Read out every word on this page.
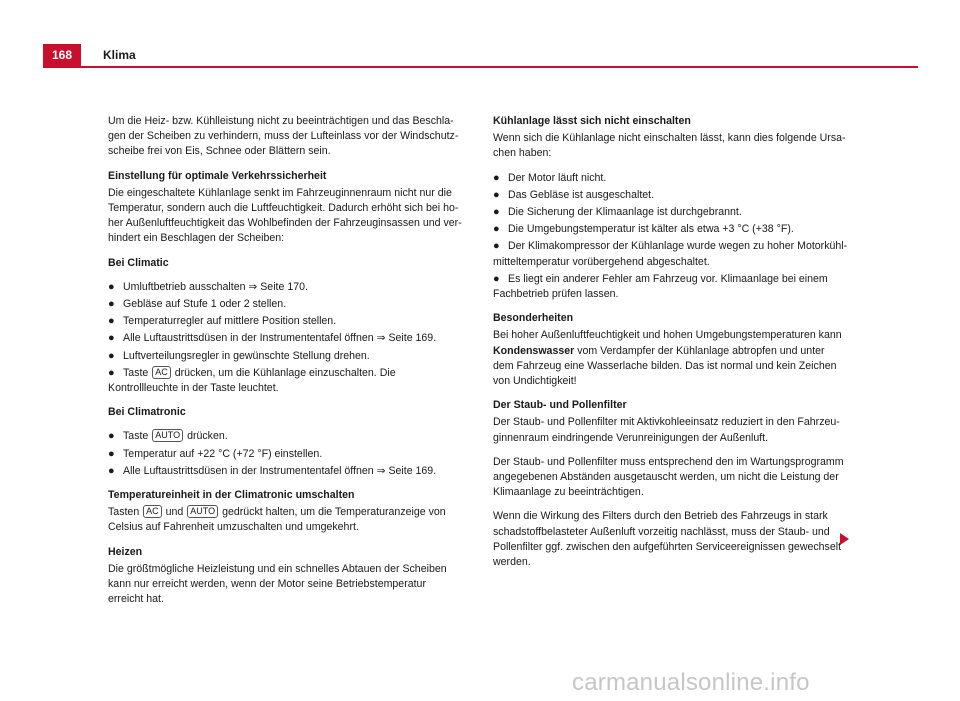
168	Klima

Um die Heiz- bzw. Kühlleistung nicht zu beeinträchtigen und das Beschlagen der Scheiben zu verhindern, muss der Lufteinlass vor der Windschutzscheibe frei von Eis, Schnee oder Blättern sein.

Einstellung für optimale Verkehrssicherheit

Die eingeschaltete Kühlanlage senkt im Fahrzeuginnenraum nicht nur die Temperatur, sondern auch die Luftfeuchtigkeit. Dadurch erhöht sich bei hoher Außenluftfeuchtigkeit das Wohlbefinden der Fahrzeuginsassen und verhindert ein Beschlagen der Scheiben:

Bei Climatic

● Umluftbetrieb ausschalten ⇒ Seite 170.

● Gebläse auf Stufe 1 oder 2 stellen.

● Temperaturregler auf mittlere Position stellen.

● Alle Luftaustrittsdüsen in der Instrumententafel öffnen ⇒ Seite 169.

● Luftverteilungsregler in gewünschte Stellung drehen.

● Taste AC drücken, um die Kühlanlage einzuschalten. Die Kontrollleuchte in der Taste leuchtet.

Bei Climatronic

● Taste AUTO drücken.

● Temperatur auf +22 °C (+72 °F) einstellen.

● Alle Luftaustrittsdüsen in der Instrumententafel öffnen ⇒ Seite 169.

Temperatureinheit in der Climatronic umschalten

Tasten AC und AUTO gedrückt halten, um die Temperaturanzeige von Celsius auf Fahrenheit umzuschalten und umgekehrt.

Heizen

Die größtmögliche Heizleistung und ein schnelles Abtauen der Scheiben kann nur erreicht werden, wenn der Motor seine Betriebstemperatur erreicht hat.

Kühlanlage lässt sich nicht einschalten

Wenn sich die Kühlanlage nicht einschalten lässt, kann dies folgende Ursachen haben:

● Der Motor läuft nicht.

● Das Gebläse ist ausgeschaltet.

● Die Sicherung der Klimaanlage ist durchgebrannt.

● Die Umgebungstemperatur ist kälter als etwa +3 °C (+38 °F).

● Der Klimakompressor der Kühlanlage wurde wegen zu hoher Motorkühlmitteltemperatur vorübergehend abgeschaltet.

● Es liegt ein anderer Fehler am Fahrzeug vor. Klimaanlage bei einem Fachbetrieb prüfen lassen.

Besonderheiten

Bei hoher Außenluftfeuchtigkeit und hohen Umgebungstemperaturen kann Kondenswasser vom Verdampfer der Kühlanlage abtropfen und unter dem Fahrzeug eine Wasserlache bilden. Das ist normal und kein Zeichen von Undichtigkeit!

Der Staub- und Pollenfilter

Der Staub- und Pollenfilter mit Aktivkohleeinsatz reduziert in den Fahrzeuginnenraum eindringende Verunreinigungen der Außenluft.

Der Staub- und Pollenfilter muss entsprechend den im Wartungsprogramm angegebenen Abständen ausgetauscht werden, um nicht die Leistung der Klimaanlage zu beeinträchtigen.

Wenn die Wirkung des Filters durch den Betrieb des Fahrzeugs in stark schadstoffbelasteter Außenluft vorzeitig nachlässt, muss der Staub- und Pollenfilter ggf. zwischen den aufgeführten Serviceereignissen gewechselt werden.

carmanualsonline.info
